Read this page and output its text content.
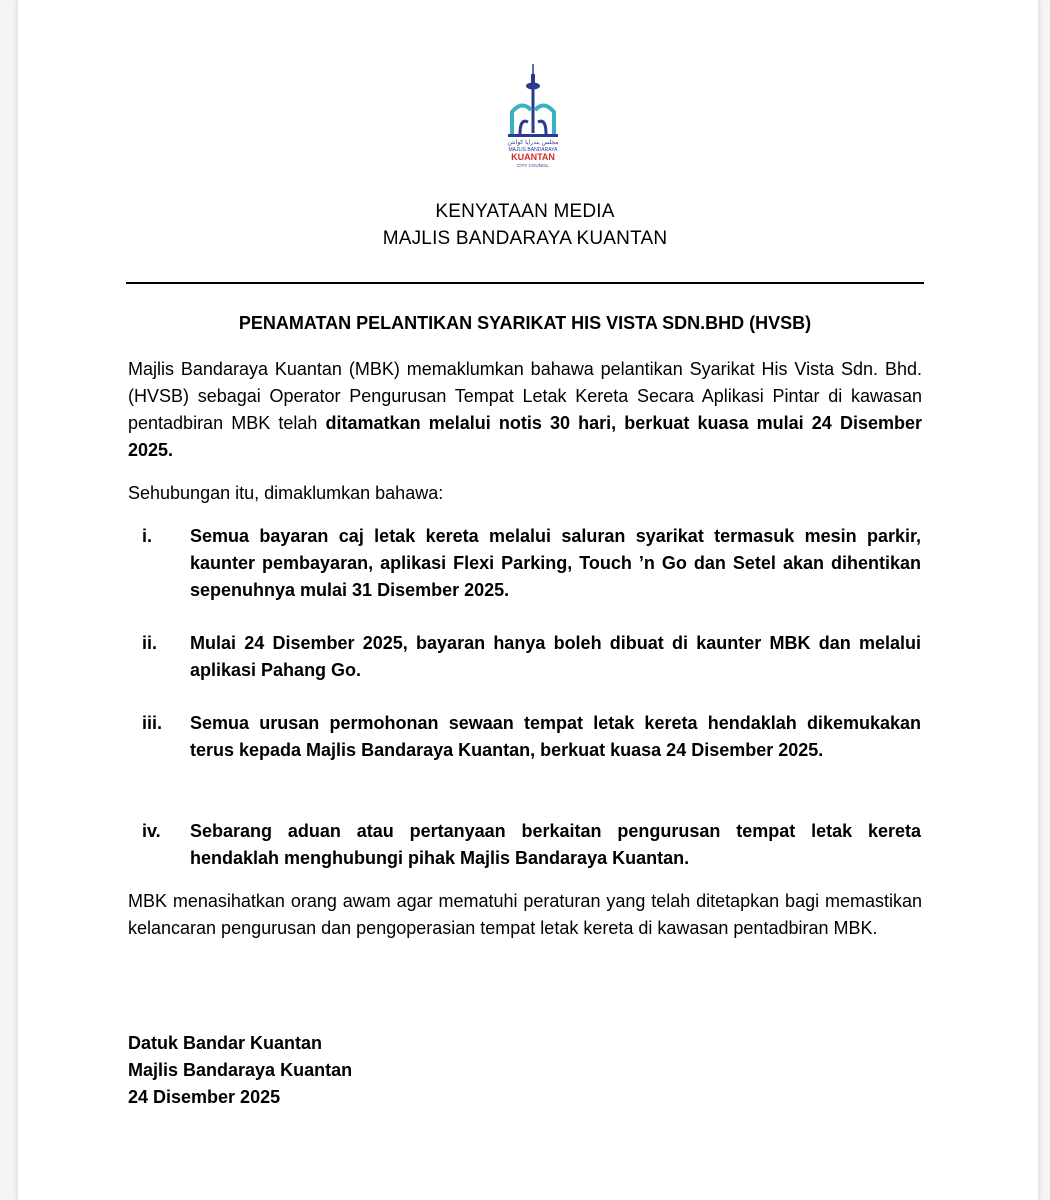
مجلس بندرايا كوانتن
MAJLIS BANDARAYA
KUANTAN
CITY COUNCIL
KENYATAAN MEDIA
MAJLIS BANDARAYA KUANTAN
PENAMATAN PELANTIKAN SYARIKAT HIS VISTA SDN.BHD (HVSB)
Majlis Bandaraya Kuantan (MBK) memaklumkan bahawa pelantikan Syarikat His Vista Sdn. Bhd. (HVSB) sebagai Operator Pengurusan Tempat Letak Kereta Secara Aplikasi Pintar di kawasan pentadbiran MBK telah ditamatkan melalui notis 30 hari, berkuat kuasa mulai 24 Disember 2025.
Sehubungan itu, dimaklumkan bahawa:
i.	Semua bayaran caj letak kereta melalui saluran syarikat termasuk mesin parkir, kaunter pembayaran, aplikasi Flexi Parking, Touch ’n Go dan Setel akan dihentikan sepenuhnya mulai 31 Disember 2025.
ii.	Mulai 24 Disember 2025, bayaran hanya boleh dibuat di kaunter MBK dan melalui aplikasi Pahang Go.
iii.	Semua urusan permohonan sewaan tempat letak kereta hendaklah dikemukakan terus kepada Majlis Bandaraya Kuantan, berkuat kuasa 24 Disember 2025.
iv.	Sebarang aduan atau pertanyaan berkaitan pengurusan tempat letak kereta hendaklah menghubungi pihak Majlis Bandaraya Kuantan.
MBK menasihatkan orang awam agar mematuhi peraturan yang telah ditetapkan bagi memastikan kelancaran pengurusan dan pengoperasian tempat letak kereta di kawasan pentadbiran MBK.
Datuk Bandar Kuantan
Majlis Bandaraya Kuantan
24 Disember 2025
